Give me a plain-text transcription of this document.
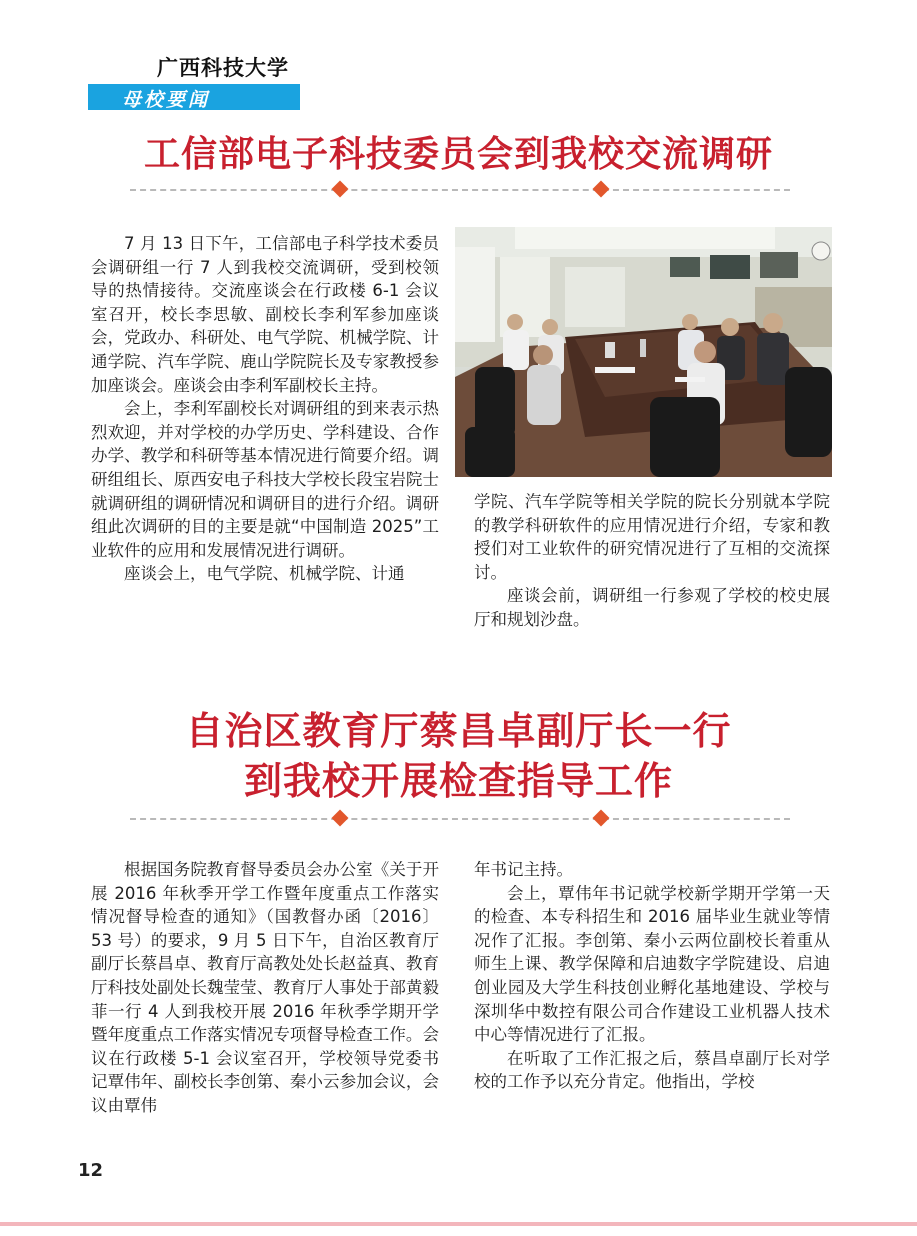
广西科技大学
母校要闻
工信部电子科技委员会到我校交流调研

7 月 13 日下午，工信部电子科学技术委员会调研组一行 7 人到我校交流调研，受到校领导的热情接待。交流座谈会在行政楼 6-1 会议室召开，校长李思敏、副校长李利军参加座谈会，党政办、科研处、电气学院、机械学院、计通学院、汽车学院、鹿山学院院长及专家教授参加座谈会。座谈会由李利军副校长主持。

会上，李利军副校长对调研组的到来表示热烈欢迎，并对学校的办学历史、学科建设、合作办学、教学和科研等基本情况进行简要介绍。调研组组长、原西安电子科技大学校长段宝岩院士就调研组的调研情况和调研目的进行介绍。调研组此次调研的目的主要是就“中国制造 2025”工业软件的应用和发展情况进行调研。

座谈会上，电气学院、机械学院、计通

学院、汽车学院等相关学院的院长分别就本学院的教学科研软件的应用情况进行介绍，专家和教授们对工业软件的研究情况进行了互相的交流探讨。

座谈会前，调研组一行参观了学校的校史展厅和规划沙盘。

自治区教育厅蔡昌卓副厅长一行
到我校开展检查指导工作

根据国务院教育督导委员会办公室《关于开展 2016 年秋季开学工作暨年度重点工作落实情况督导检查的通知》（国教督办函〔2016〕53 号）的要求，9 月 5 日下午，自治区教育厅副厅长蔡昌卓、教育厅高教处处长赵益真、教育厅科技处副处长魏莹莹、教育厅人事处于部黄毅菲一行 4 人到我校开展 2016 年秋季学期开学暨年度重点工作落实情况专项督导检查工作。会议在行政楼 5-1 会议室召开，学校领导党委书记覃伟年、副校长李创第、秦小云参加会议，会议由覃伟

年书记主持。

会上，覃伟年书记就学校新学期开学第一天的检查、本专科招生和 2016 届毕业生就业等情况作了汇报。李创第、秦小云两位副校长着重从师生上课、教学保障和启迪数字学院建设、启迪创业园及大学生科技创业孵化基地建设、学校与深圳华中数控有限公司合作建设工业机器人技术中心等情况进行了汇报。

在听取了工作汇报之后，蔡昌卓副厅长对学校的工作予以充分肯定。他指出，学校

12
